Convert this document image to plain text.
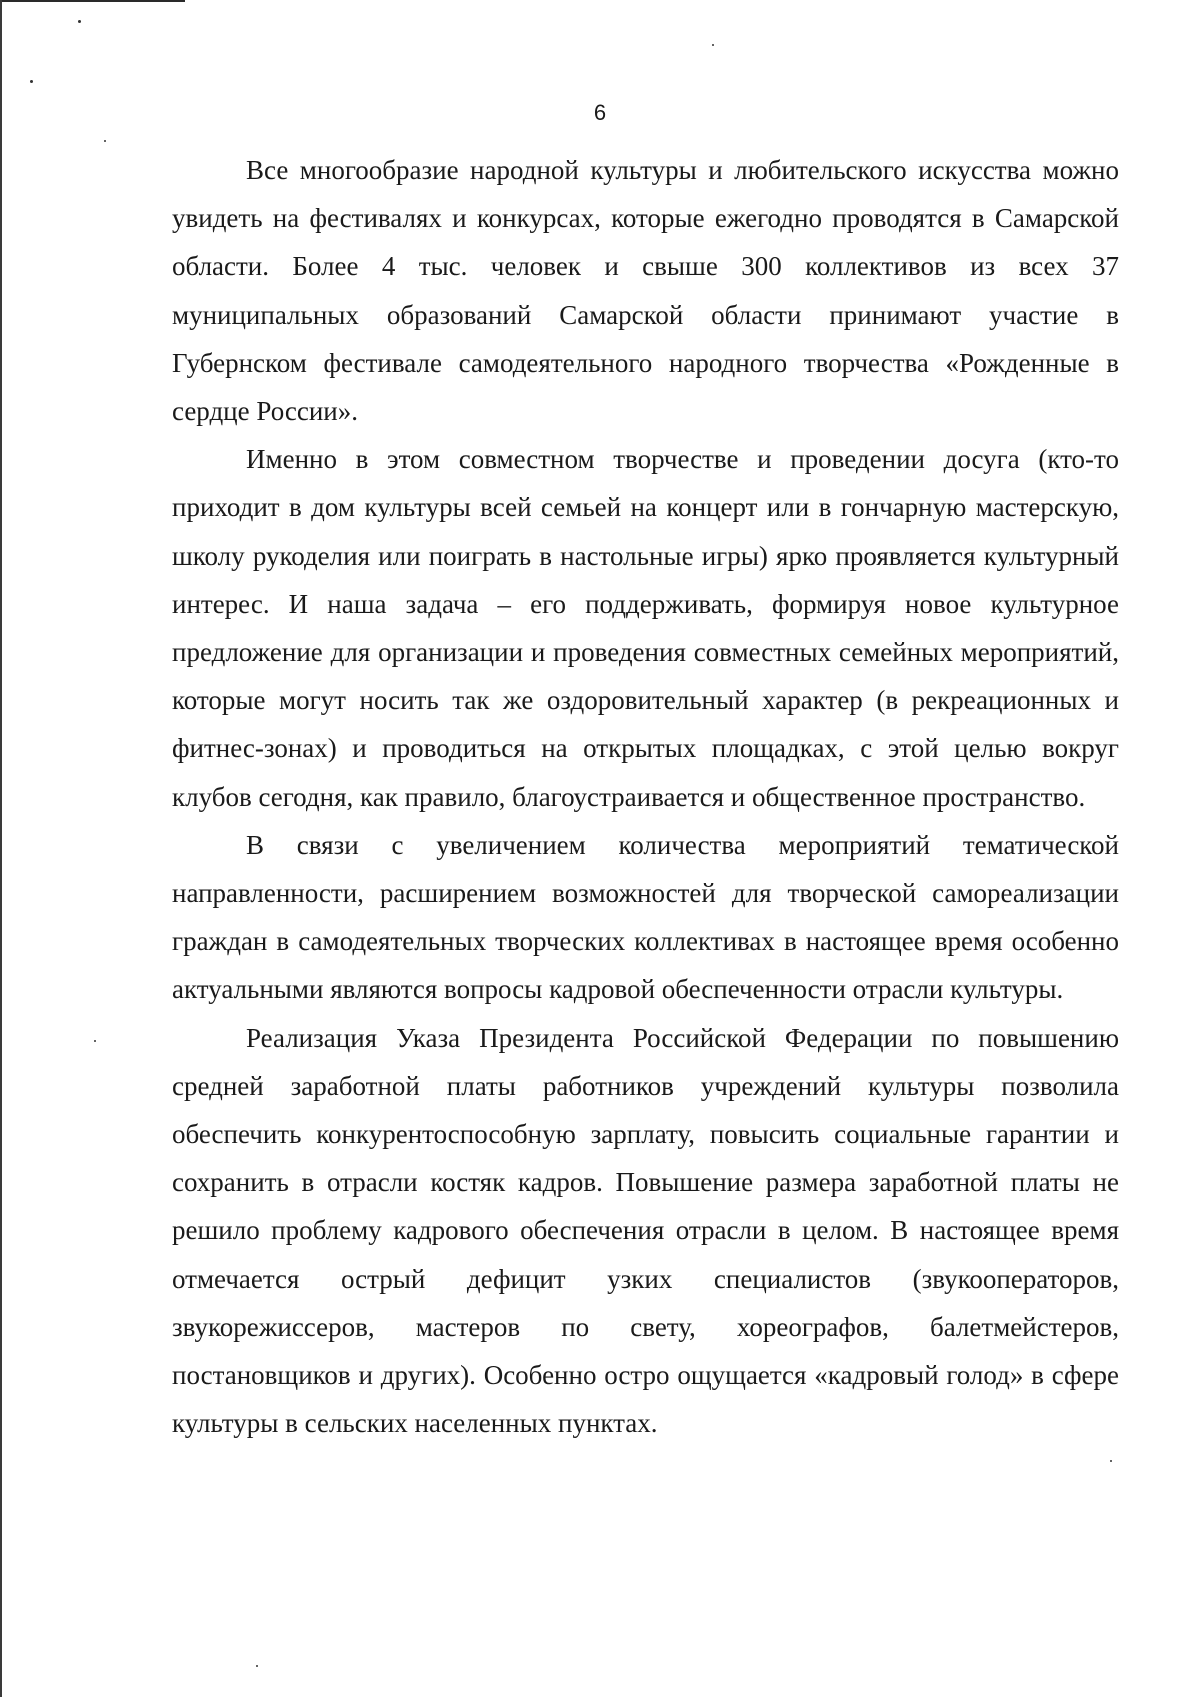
6

Все многообразие народной культуры и любительского искусства можно увидеть на фестивалях и конкурсах, которые ежегодно проводятся в Самарской области. Более 4 тыс. человек и свыше 300 коллективов из всех 37 муниципальных образований Самарской области принимают участие в Губернском фестивале самодеятельного народного творчества «Рожденные в сердце России».

Именно в этом совместном творчестве и проведении досуга (кто-то приходит в дом культуры всей семьей на концерт или в гончарную мастерскую, школу рукоделия или поиграть в настольные игры) ярко проявляется культурный интерес. И наша задача – его поддерживать, формируя новое культурное предложение для организации и проведения совместных семейных мероприятий, которые могут носить так же оздоровительный характер (в рекреационных и фитнес-зонах) и проводиться на открытых площадках, с этой целью вокруг клубов сегодня, как правило, благоустраивается и общественное пространство.

В связи с увеличением количества мероприятий тематической направленности, расширением возможностей для творческой самореализации граждан в самодеятельных творческих коллективах в настоящее время особенно актуальными являются вопросы кадровой обеспеченности отрасли культуры.

Реализация Указа Президента Российской Федерации по повышению средней заработной платы работников учреждений культуры позволила обеспечить конкурентоспособную зарплату, повысить социальные гарантии и сохранить в отрасли костяк кадров. Повышение размера заработной платы не решило проблему кадрового обеспечения отрасли в целом. В настоящее время отмечается острый дефицит узких специалистов (звукооператоров, звукорежиссеров, мастеров по свету, хореографов, балетмейстеров, постановщиков и других). Особенно остро ощущается «кадровый голод» в сфере культуры в сельских населенных пунктах.
